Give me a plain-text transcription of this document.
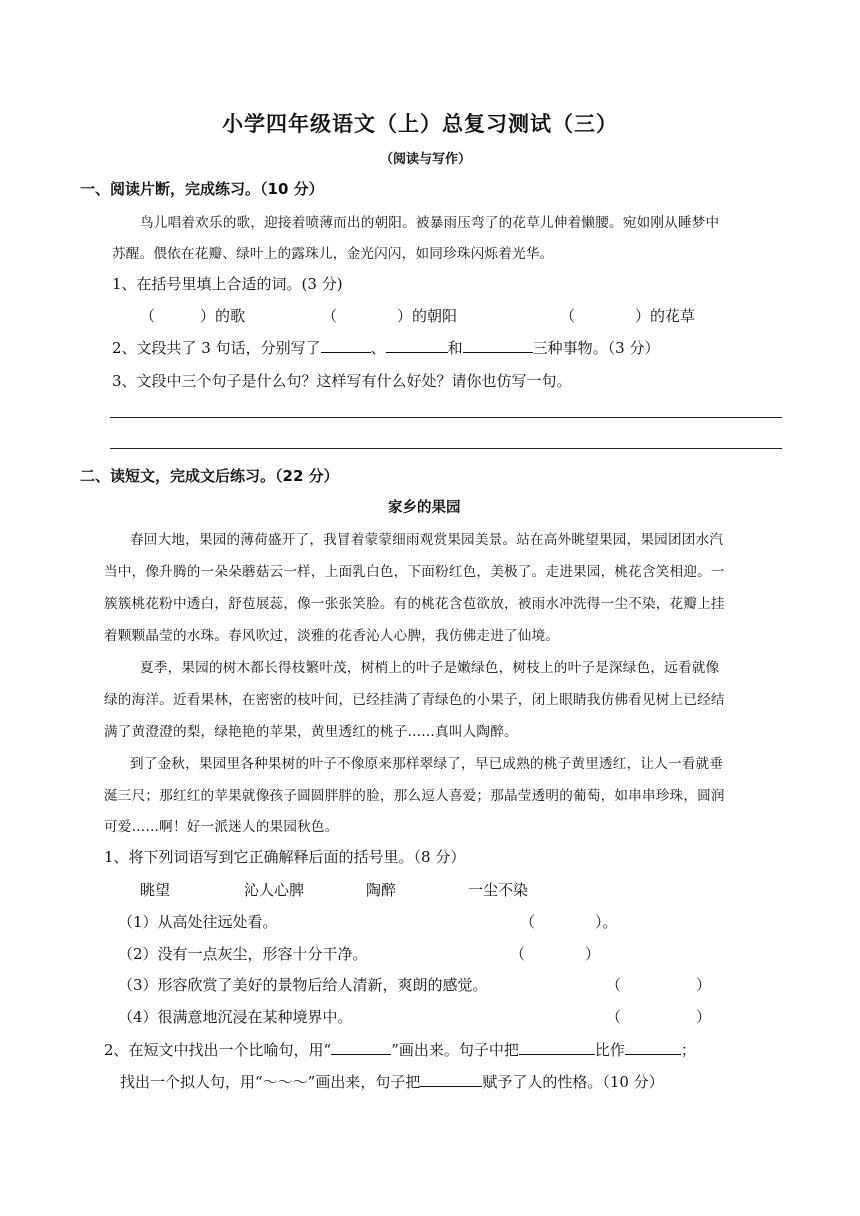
小学四年级语文（上）总复习测试（三）
（阅读与写作）
一、阅读片断，完成练习。（10 分）
鸟儿唱着欢乐的歌，迎接着喷薄而出的朝阳。被暴雨压弯了的花草儿伸着懒腰。宛如刚从睡梦中
苏醒。偎依在花瓣、绿叶上的露珠儿，金光闪闪，如同珍珠闪烁着光华。
1、在括号里填上合适的词。(3 分)
（　　　）的歌	（　　　　）的朝阳	（　　　　）的花草
2、文段共了 3 句话，分别写了	、	和	三种事物。（3 分）
3、文段中三个句子是什么句？这样写有什么好处？请你也仿写一句。
二、读短文，完成文后练习。（22 分）
家乡的果园
春回大地，果园的薄荷盛开了，我冒着蒙蒙细雨观赏果园美景。站在高外眺望果园，果园团团水汽
当中，像升腾的一朵朵蘑菇云一样，上面乳白色，下面粉红色，美极了。走进果园，桃花含笑相迎。一
簇簇桃花粉中透白，舒苞展蕊，像一张张笑脸。有的桃花含苞欲放，被雨水冲洗得一尘不染，花瓣上挂
着颗颗晶莹的水珠。春风吹过，淡雅的花香沁人心脾，我仿佛走进了仙境。
夏季，果园的树木都长得枝繁叶茂，树梢上的叶子是嫩绿色，树枝上的叶子是深绿色，远看就像
绿的海洋。近看果林，在密密的枝叶间，已经挂满了青绿色的小果子，闭上眼睛我仿佛看见树上已经结
满了黄澄澄的梨，绿艳艳的苹果，黄里透红的桃子……真叫人陶醉。
到了金秋，果园里各种果树的叶子不像原来那样翠绿了，早已成熟的桃子黄里透红，让人一看就垂
涎三尺；那红红的苹果就像孩子圆圆胖胖的脸，那么逗人喜爱；那晶莹透明的葡萄，如串串珍珠，圆润
可爱……啊！好一派迷人的果园秋色。
1、将下列词语写到它正确解释后面的括号里。（8 分）
眺望	沁人心脾	陶醉	一尘不染
（1）从高处往远处看。	（　　　　）。
（2）没有一点灰尘，形容十分干净。	（　　　　）
（3）形容欣赏了美好的景物后给人清新，爽朗的感觉。	（　　　　　）
（4）很满意地沉浸在某种境界中。	（　　　　　）
2、在短文中找出一个比喻句，用“	”画出来。句子中把	比作	；
找出一个拟人句，用“～～～”画出来，句子把	赋予了人的性格。（10 分）
